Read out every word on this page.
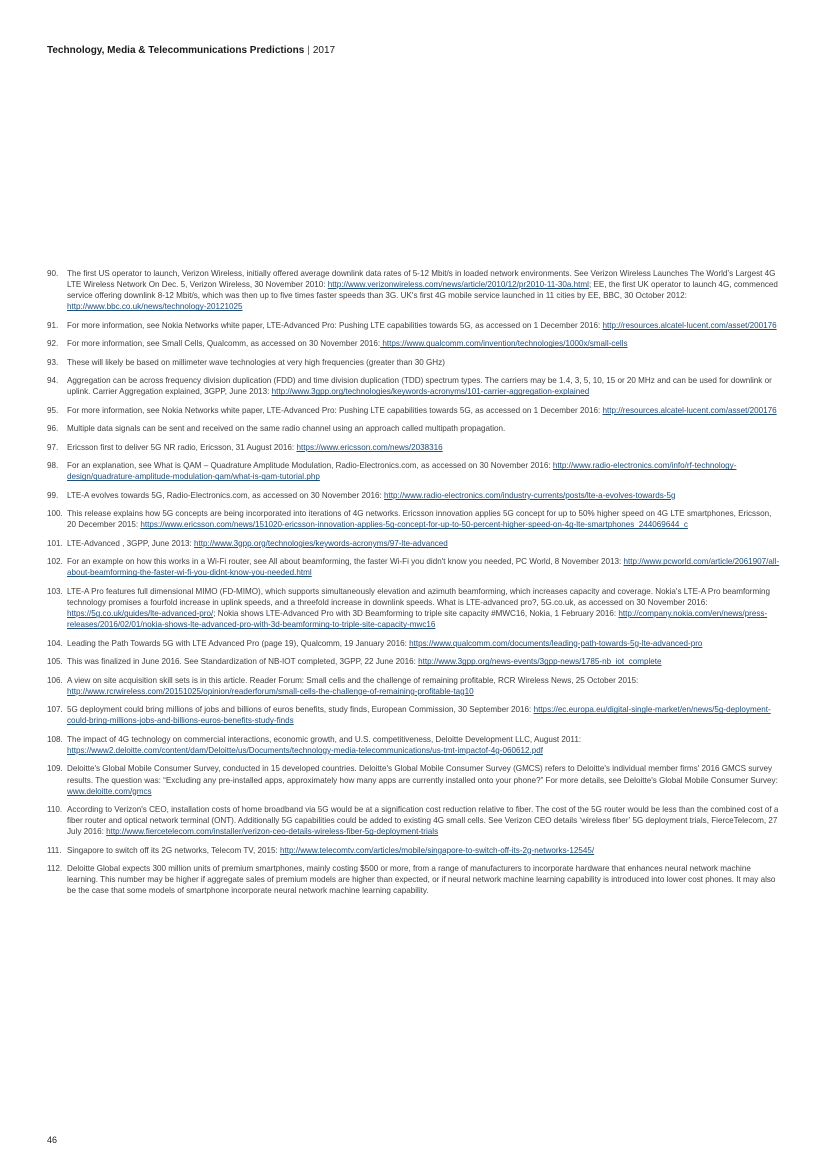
Technology, Media & Telecommunications Predictions | 2017
90.	The first US operator to launch, Verizon Wireless, initially offered average downlink data rates of 5-12 Mbit/s in loaded network environments. See Verizon Wireless Launches The World’s Largest 4G LTE Wireless Network On Dec. 5, Verizon Wireless, 30 November 2010: http://www.verizonwireless.com/news/article/2010/12/pr2010-11-30a.html; EE, the first UK operator to launch 4G, commenced service offering downlink 8-12 Mbit/s, which was then up to five times faster speeds than 3G. UK's first 4G mobile service launched in 11 cities by EE, BBC, 30 October 2012: http://www.bbc.co.uk/news/technology-20121025
91.	For more information, see Nokia Networks white paper, LTE-Advanced Pro: Pushing LTE capabilities towards 5G, as accessed on 1 December 2016: http://resources.alcatel-lucent.com/asset/200176
92.	For more information, see Small Cells, Qualcomm, as accessed on 30 November 2016: https://www.qualcomm.com/invention/technologies/1000x/small-cells
93.	These will likely be based on millimeter wave technologies at very high frequencies (greater than 30 GHz)
94.	Aggregation can be across frequency division duplication (FDD) and time division duplication (TDD) spectrum types. The carriers may be 1.4, 3, 5, 10, 15 or 20 MHz and can be used for downlink or uplink. Carrier Aggregation explained, 3GPP, June 2013: http://www.3gpp.org/technologies/keywords-acronyms/101-carrier-aggregation-explained
95.	For more information, see Nokia Networks white paper, LTE-Advanced Pro: Pushing LTE capabilities towards 5G, as accessed on 1 December 2016: http://resources.alcatel-lucent.com/asset/200176
96.	Multiple data signals can be sent and received on the same radio channel using an approach called multipath propagation.
97.	Ericsson first to deliver 5G NR radio, Ericsson, 31 August 2016: https://www.ericsson.com/news/2038316
98.	For an explanation, see What is QAM – Quadrature Amplitude Modulation, Radio-Electronics.com, as accessed on 30 November 2016: http://www.radio-electronics.com/info/rf-technology-design/quadrature-amplitude-modulation-qam/what-is-qam-tutorial.php
99.	LTE-A evolves towards 5G, Radio-Electronics.com, as accessed on 30 November 2016: http://www.radio-electronics.com/industry-currents/posts/lte-a-evolves-towards-5g
100. This release explains how 5G concepts are being incorporated into iterations of 4G networks. Ericsson innovation applies 5G concept for up to 50% higher speed on 4G LTE smartphones, Ericsson, 20 December 2015: https://www.ericsson.com/news/151020-ericsson-innovation-applies-5g-concept-for-up-to-50-percent-higher-speed-on-4g-lte-smartphones_244069644_c
101. LTE-Advanced , 3GPP, June 2013: http://www.3gpp.org/technologies/keywords-acronyms/97-lte-advanced
102. For an example on how this works in a Wi-Fi router, see All about beamforming, the faster Wi-Fi you didn't know you needed, PC World, 8 November 2013: http://www.pcworld.com/article/2061907/all-about-beamforming-the-faster-wi-fi-you-didnt-know-you-needed.html
103. LTE-A Pro features full dimensional MIMO (FD-MIMO), which supports simultaneously elevation and azimuth beamforming, which increases capacity and coverage. Nokia's LTE-A Pro beamforming technology promises a fourfold increase in uplink speeds, and a threefold increase in downlink speeds. What is LTE-advanced pro?, 5G.co.uk, as accessed on 30 November 2016: https://5g.co.uk/guides/lte-advanced-pro/; Nokia shows LTE-Advanced Pro with 3D Beamforming to triple site capacity #MWC16, Nokia, 1 February 2016: http://company.nokia.com/en/news/press-releases/2016/02/01/nokia-shows-lte-advanced-pro-with-3d-beamforming-to-triple-site-capacity-mwc16
104. Leading the Path Towards 5G with LTE Advanced Pro (page 19), Qualcomm, 19 January 2016: https://www.qualcomm.com/documents/leading-path-towards-5g-lte-advanced-pro
105. This was finalized in June 2016. See Standardization of NB-IOT completed, 3GPP, 22 June 2016: http://www.3gpp.org/news-events/3gpp-news/1785-nb_iot_complete
106. A view on site acquisition skill sets is in this article. Reader Forum: Small cells and the challenge of remaining profitable, RCR Wireless News, 25 October 2015: http://www.rcrwireless.com/20151025/opinion/readerforum/small-cells-the-challenge-of-remaining-profitable-tag10
107. 5G deployment could bring millions of jobs and billions of euros benefits, study finds, European Commission, 30 September 2016: https://ec.europa.eu/digital-single-market/en/news/5g-deployment-could-bring-millions-jobs-and-billions-euros-benefits-study-finds
108. The impact of 4G technology on commercial interactions, economic growth, and U.S. competitiveness, Deloitte Development LLC, August 2011: https://www2.deloitte.com/content/dam/Deloitte/us/Documents/technology-media-telecommunications/us-tmt-impactof-4g-060612.pdf
109. Deloitte's Global Mobile Consumer Survey, conducted in 15 developed countries. Deloitte's Global Mobile Consumer Survey (GMCS) refers to Deloitte's individual member firms' 2016 GMCS survey results. The question was: “Excluding any pre-installed apps, approximately how many apps are currently installed onto your phone?” For more details, see Deloitte's Global Mobile Consumer Survey: www.deloitte.com/gmcs
110. According to Verizon's CEO, installation costs of home broadband via 5G would be at a signification cost reduction relative to fiber. The cost of the 5G router would be less than the combined cost of a fiber router and optical network terminal (ONT). Additionally 5G capabilities could be added to existing 4G small cells. See Verizon CEO details ‘wireless fiber’ 5G deployment trials, FierceTelecom, 27 July 2016: http://www.fiercetelecom.com/installer/verizon-ceo-details-wireless-fiber-5g-deployment-trials
111. Singapore to switch off its 2G networks, Telecom TV, 2015: http://www.telecomtv.com/articles/mobile/singapore-to-switch-off-its-2g-networks-12545/
112. Deloitte Global expects 300 million units of premium smartphones, mainly costing $500 or more, from a range of manufacturers to incorporate hardware that enhances neural network machine learning. This number may be higher if aggregate sales of premium models are higher than expected, or if neural network machine learning capability is introduced into lower cost phones. It may also be the case that some models of smartphone incorporate neural network machine learning capability.
46
